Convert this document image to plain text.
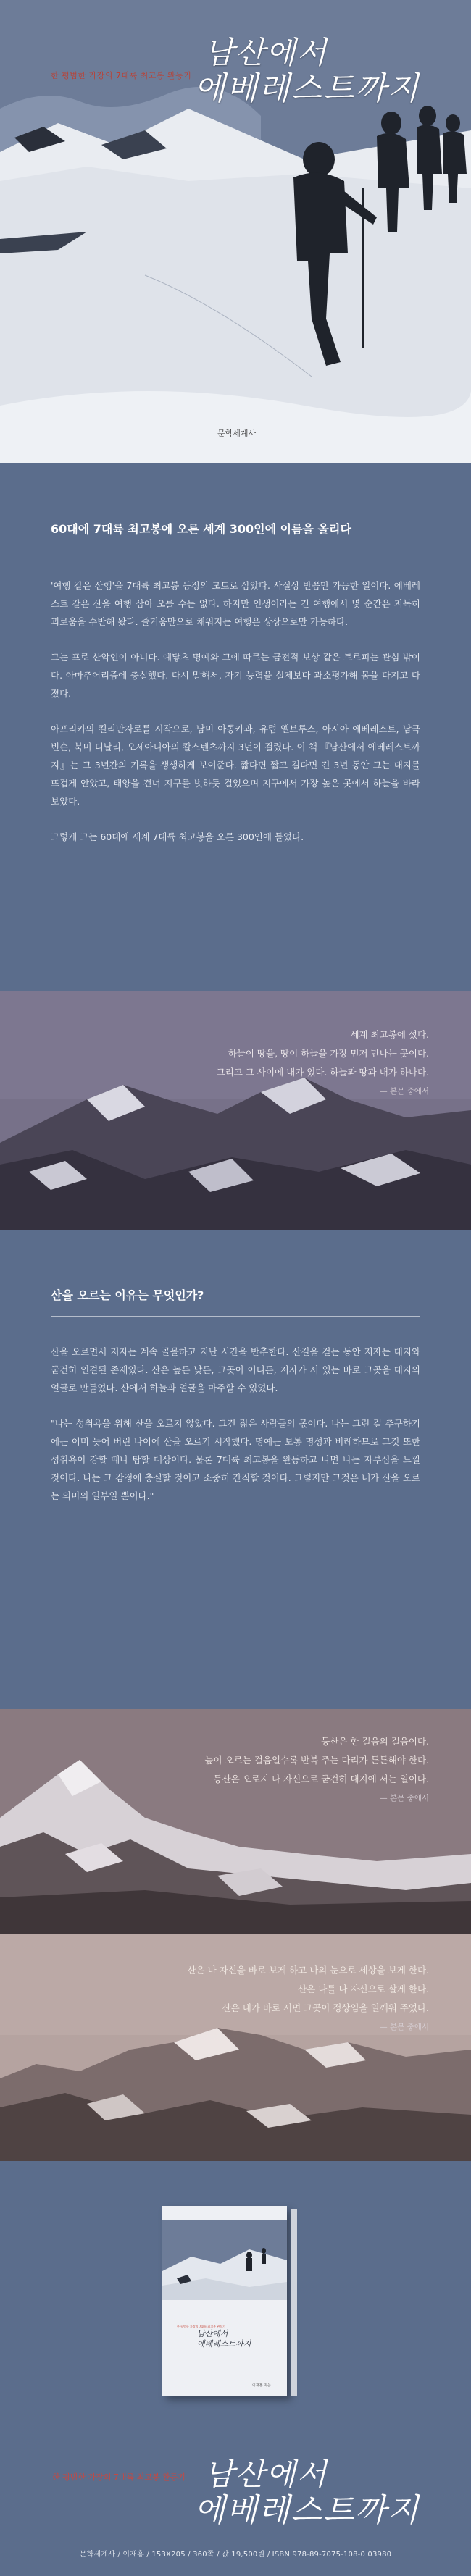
한 평범한 가장의 7대륙 최고봉 완등기
남산에서
에베레스트까지
문학세계사
60대에 7대륙 최고봉에 오른 세계 300인에 이름을 올리다

'여행 같은 산행'을 7대륙 최고봉 등정의 모토로 삼았다. 사실상 반쯤만 가능한 일이다. 에베레스트 같은 산을 여행 삼아 오를 수는 없다. 하지만 인생이라는 긴 여행에서 몇 순간은 지독히 괴로움을 수반해 왔다. 즐거움만으로 채워지는 여행은 상상으로만 가능하다.

그는 프로 산악인이 아니다. 예닿츠 명예와 그에 따르는 금전적 보상 같은 트로피는 관심 밖이다. 아마추어리즘에 충실했다. 다시 말해서, 자기 능력을 실제보다 과소평가해 몸을 다지고 다졌다.

아프리카의 킬리만자로를 시작으로, 남미 아콩카과, 유럽 엘브루스, 아시아 에베레스트, 남극 빈슨, 북미 디날리, 오세아니아의 칼스텐츠까지 3년이 걸렸다. 이 책 『남산에서 에베레스트까지』는 그 3년간의 기록을 생생하게 보여준다. 짧다면 짧고 길다면 긴 3년 동안 그는 대지를 뜨겁게 안았고, 태양을 건너 지구를 벗하듯 걸었으며 지구에서 가장 높은 곳에서 하늘을 바라보았다.

그렇게 그는 60대에 세계 7대륙 최고봉을 오른 300인에 들었다.

세계 최고봉에 섰다.
하늘이 땅을, 땅이 하늘을 가장 먼저 만나는 곳이다.
그리고 그 사이에 내가 있다. 하늘과 땅과 내가 하나다.
— 본문 중에서
산을 오르는 이유는 무엇인가?

산을 오르면서 저자는 계속 골몰하고 지난 시간을 반추한다. 산길을 걷는 동안 저자는 대지와 굳건히 연결된 존재였다. 산은 높든 낮든, 그곳이 어디든, 저자가 서 있는 바로 그곳을 대지의 얼굴로 만들었다. 산에서 하늘과 얼굴을 마주할 수 있었다.

"나는 성취욕을 위해 산을 오르지 않았다. 그건 젊은 사람들의 몫이다. 나는 그런 걸 추구하기에는 이미 늦어 버린 나이에 산을 오르기 시작했다. 명예는 보통 명성과 비례하므로 그것 또한 성취욕이 강할 때나 탐할 대상이다. 물론 7대륙 최고봉을 완등하고 나면 나는 자부심을 느낄 것이다. 나는 그 감정에 충실할 것이고 소중히 간직할 것이다. 그렇지만 그것은 내가 산을 오르는 의미의 일부일 뿐이다."

등산은 한 걸음의 걸음이다.
높이 오르는 걸음일수록 반복 주는 다리가 튼튼해야 한다.
등산은 오로지 나 자신으로 굳건히 대지에 서는 일이다.
— 본문 중에서
산은 나 자신을 바로 보게 하고 나의 눈으로 세상을 보게 한다.
산은 나를 나 자신으로 살게 한다.
산은 내가 바로 서면 그곳이 정상임을 일깨워 주었다.
— 본문 중에서
한 평범한 가장의 7대륙 최고봉 완등기
남산에서
에베레스트까지
이재홍 지음
한 평범한 가장의 7대륙 최고봉 완등기 남산에서
에베레스트까지
문학세계사 / 이재홍 / 153X205 / 360쪽 / 값 19,500원 / ISBN 978-89-7075-108-0 03980
